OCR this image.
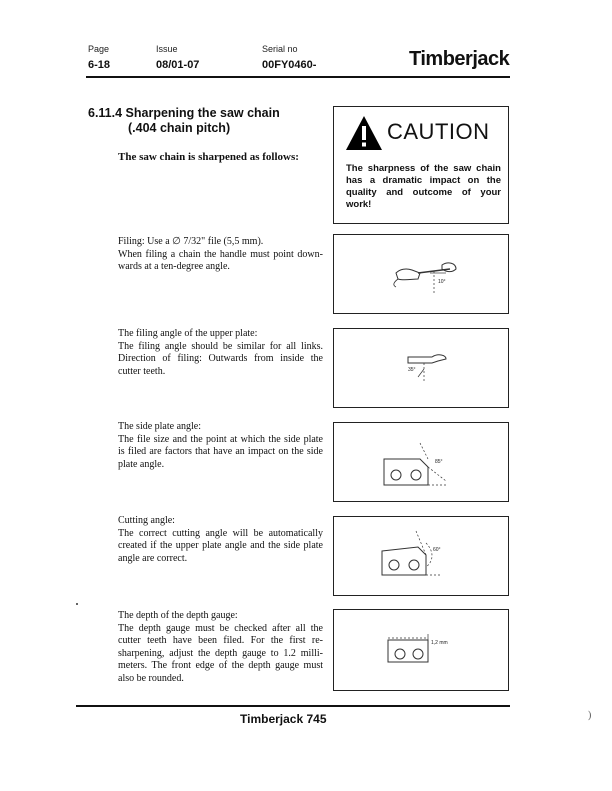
Page
6-18
Issue
08/01-07
Serial no
00FY0460-	Timberjack
6.11.4 Sharpening the saw chain
(.404 chain pitch)
The saw chain is sharpened as follows:
CAUTION
The sharpness of the saw chain has a dramatic impact on the quality and outcome of your work!
Filing: Use a ∅ 7/32" file (5,5 mm).
When filing a chain the handle must point down-wards at a ten-degree angle.
10°
The filing angle of the upper plate:
The filing angle should be similar for all links. Direction of filing: Outwards from inside the cutter teeth.	35°
The side plate angle:
The file size and the point at which the side plate is filed are factors that have an impact on the side plate angle.	85°
Cutting angle:
The correct cutting angle will be automatically created if the upper plate angle and the side plate angle are correct.
60°
The depth of the depth gauge:
The depth gauge must be checked after all the cutter teeth have been filed. For the first re-sharpening, adjust the depth gauge to 1.2 milli-meters. The front edge of the depth gauge must also be rounded.
1,2 mm
)
Timberjack 745
